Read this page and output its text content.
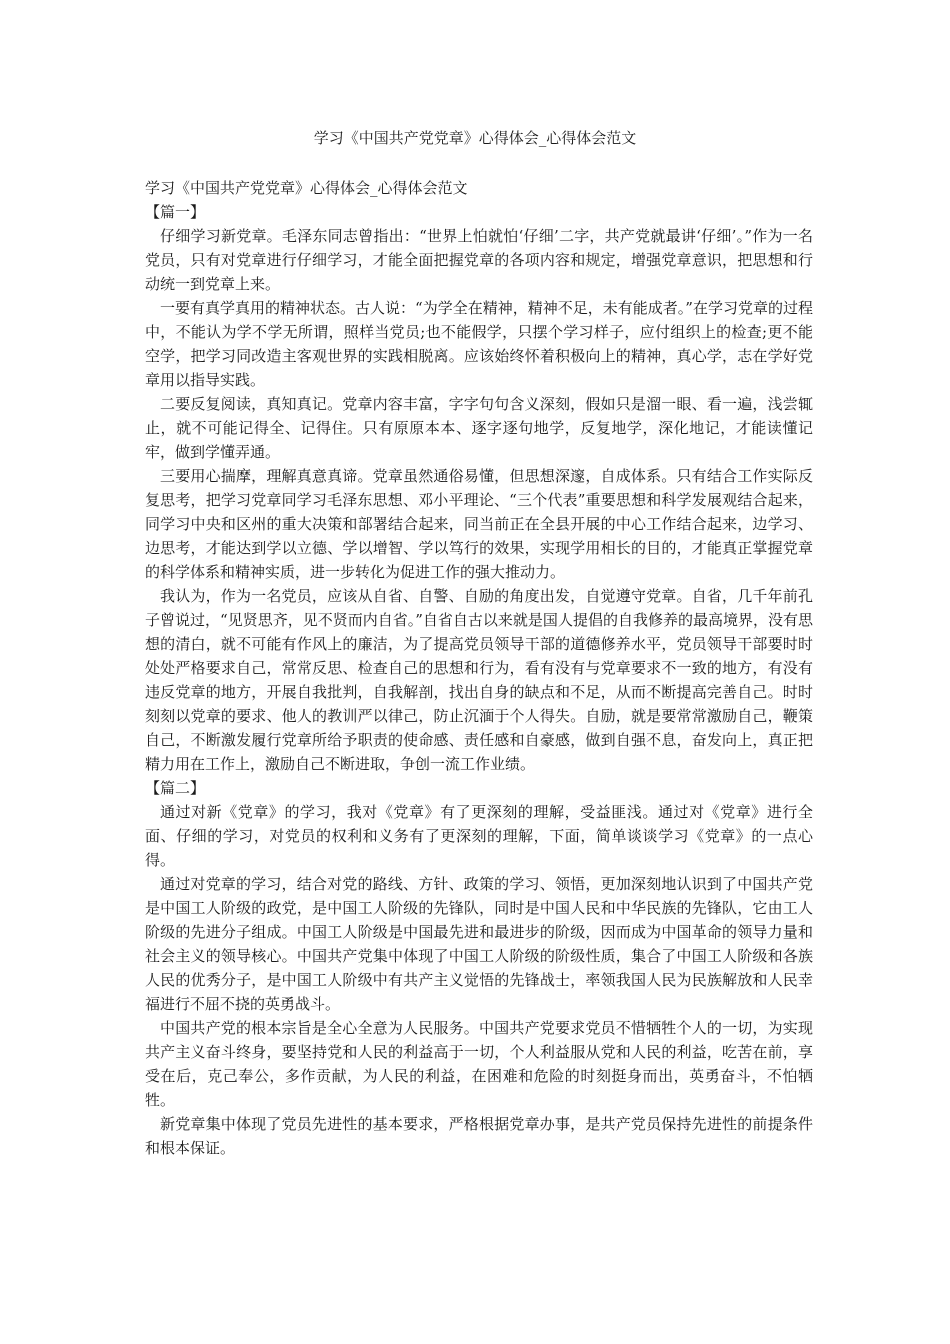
学习《中国共产党党章》心得体会_心得体会范文
学习《中国共产党党章》心得体会_心得体会范文
【篇一】

仔细学习新党章。毛泽东同志曾指出：“世界上怕就怕‘仔细’二字，共产党就最讲‘仔细’。”作为一名党员，只有对党章进行仔细学习，才能全面把握党章的各项内容和规定，增强党章意识，把思想和行动统一到党章上来。

一要有真学真用的精神状态。古人说：“为学全在精神，精神不足，未有能成者。”在学习党章的过程中，不能认为学不学无所谓，照样当党员;也不能假学，只摆个学习样子，应付组织上的检查;更不能空学，把学习同改造主客观世界的实践相脱离。应该始终怀着积极向上的精神，真心学，志在学好党章用以指导实践。

二要反复阅读，真知真记。党章内容丰富，字字句句含义深刻，假如只是溜一眼、看一遍，浅尝辄止，就不可能记得全、记得住。只有原原本本、逐字逐句地学，反复地学，深化地记，才能读懂记牢，做到学懂弄通。

三要用心揣摩，理解真意真谛。党章虽然通俗易懂，但思想深邃，自成体系。只有结合工作实际反复思考，把学习党章同学习毛泽东思想、邓小平理论、“三个代表”重要思想和科学发展观结合起来，同学习中央和区州的重大决策和部署结合起来，同当前正在全县开展的中心工作结合起来，边学习、边思考，才能达到学以立德、学以增智、学以笃行的效果，实现学用相长的目的，才能真正掌握党章的科学体系和精神实质，进一步转化为促进工作的强大推动力。

我认为，作为一名党员，应该从自省、自警、自励的角度出发，自觉遵守党章。自省，几千年前孔子曾说过，“见贤思齐，见不贤而内自省。”自省自古以来就是国人提倡的自我修养的最高境界，没有思想的清白，就不可能有作风上的廉洁，为了提高党员领导干部的道德修养水平，党员领导干部要时时处处严格要求自己，常常反思、检查自己的思想和行为，看有没有与党章要求不一致的地方，有没有违反党章的地方，开展自我批判，自我解剖，找出自身的缺点和不足，从而不断提高完善自己。时时刻刻以党章的要求、他人的教训严以律己，防止沉湎于个人得失。自励，就是要常常激励自己，鞭策自己，不断激发履行党章所给予职责的使命感、责任感和自豪感，做到自强不息，奋发向上，真正把精力用在工作上，激励自己不断进取，争创一流工作业绩。

【篇二】

通过对新《党章》的学习，我对《党章》有了更深刻的理解，受益匪浅。通过对《党章》进行全面、仔细的学习，对党员的权利和义务有了更深刻的理解，下面，简单谈谈学习《党章》的一点心得。

通过对党章的学习，结合对党的路线、方针、政策的学习、领悟，更加深刻地认识到了中国共产党是中国工人阶级的政党，是中国工人阶级的先锋队，同时是中国人民和中华民族的先锋队，它由工人阶级的先进分子组成。中国工人阶级是中国最先进和最进步的阶级，因而成为中国革命的领导力量和社会主义的领导核心。中国共产党集中体现了中国工人阶级的阶级性质，集合了中国工人阶级和各族人民的优秀分子，是中国工人阶级中有共产主义觉悟的先锋战士，率领我国人民为民族解放和人民幸福进行不屈不挠的英勇战斗。

中国共产党的根本宗旨是全心全意为人民服务。中国共产党要求党员不惜牺牲个人的一切，为实现共产主义奋斗终身，要坚持党和人民的利益高于一切，个人利益服从党和人民的利益，吃苦在前，享受在后，克己奉公，多作贡献，为人民的利益，在困难和危险的时刻挺身而出，英勇奋斗，不怕牺牲。

新党章集中体现了党员先进性的基本要求，严格根据党章办事，是共产党员保持先进性的前提条件和根本保证。
